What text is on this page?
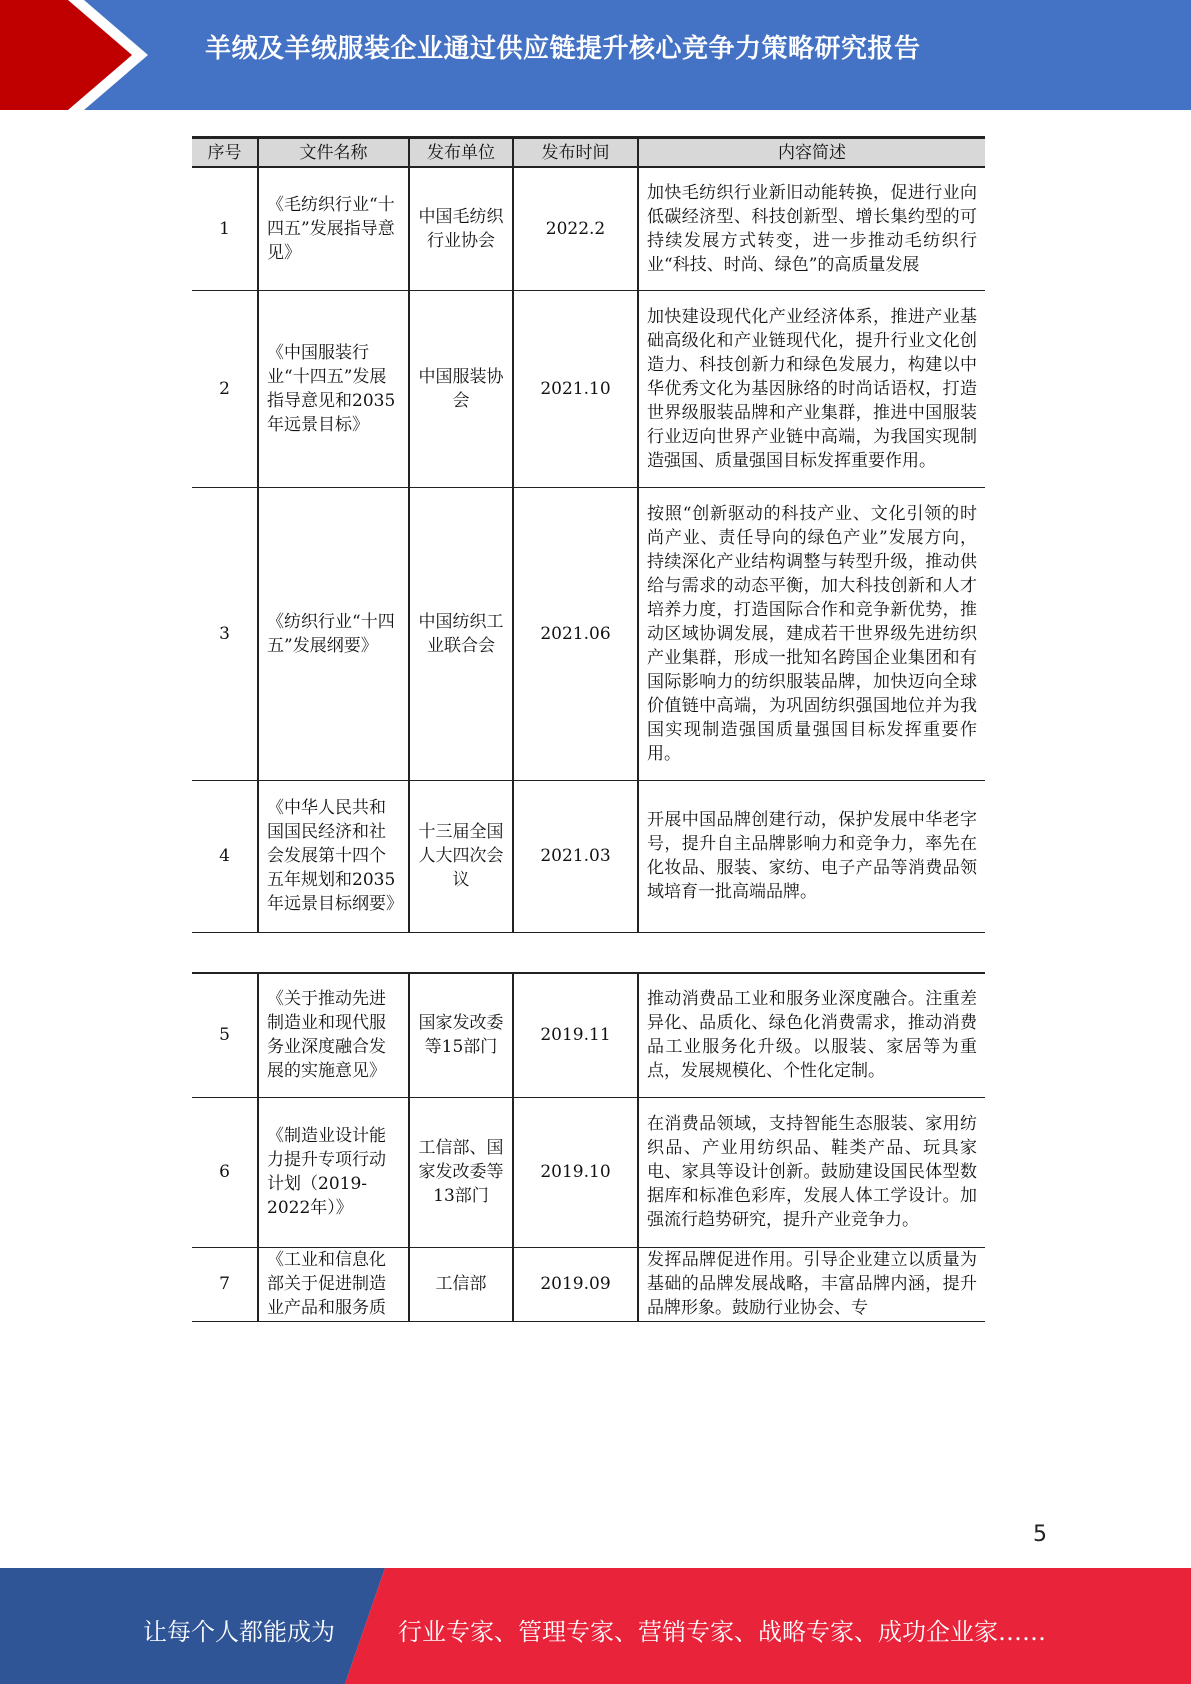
羊绒及羊绒服装企业通过供应链提升核心竞争力策略研究报告
序号	文件名称	发布单位	发布时间	内容简述
1	《毛纺织行业“十四五”发展指导意见》	中国毛纺织行业协会	2022.2	加快毛纺织行业新旧动能转换，促进行业向低碳经济型、科技创新型、增长集约型的可持续发展方式转变，进一步推动毛纺织行业“科技、时尚、绿色”的高质量发展
2	《中国服装行业“十四五”发展指导意见和2035年远景目标》	中国服装协会	2021.10	加快建设现代化产业经济体系，推进产业基础高级化和产业链现代化，提升行业文化创造力、科技创新力和绿色发展力，构建以中华优秀文化为基因脉络的时尚话语权，打造世界级服装品牌和产业集群，推进中国服装行业迈向世界产业链中高端，为我国实现制造强国、质量强国目标发挥重要作用。
3	《纺织行业“十四五”发展纲要》	中国纺织工业联合会	2021.06	按照“创新驱动的科技产业、文化引领的时尚产业、责任导向的绿色产业”发展方向，持续深化产业结构调整与转型升级，推动供给与需求的动态平衡，加大科技创新和人才培养力度，打造国际合作和竞争新优势，推动区域协调发展，建成若干世界级先进纺织产业集群，形成一批知名跨国企业集团和有国际影响力的纺织服装品牌，加快迈向全球价值链中高端，为巩固纺织强国地位并为我国实现制造强国质量强国目标发挥重要作用。
4	《中华人民共和国国民经济和社会发展第十四个五年规划和2035年远景目标纲要》	十三届全国人大四次会议	2021.03	开展中国品牌创建行动，保护发展中华老字号，提升自主品牌影响力和竞争力，率先在化妆品、服装、家纺、电子产品等消费品领域培育一批高端品牌。
5	《关于推动先进制造业和现代服务业深度融合发展的实施意见》	国家发改委等15部门	2019.11	推动消费品工业和服务业深度融合。注重差异化、品质化、绿色化消费需求，推动消费品工业服务化升级。以服装、家居等为重点，发展规模化、个性化定制。
6	《制造业设计能力提升专项行动计划（2019-2022年）》	工信部、国家发改委等13部门	2019.10	在消费品领域，支持智能生态服装、家用纺织品、产业用纺织品、鞋类产品、玩具家电、家具等设计创新。鼓励建设国民体型数据库和标准色彩库，发展人体工学设计。加强流行趋势研究，提升产业竞争力。
7	《工业和信息化部关于促进制造业产品和服务质	工信部	2019.09	发挥品牌促进作用。引导企业建立以质量为基础的品牌发展战略，丰富品牌内涵，提升品牌形象。鼓励行业协会、专
5
让每个人都能成为	行业专家、管理专家、营销专家、战略专家、成功企业家……
